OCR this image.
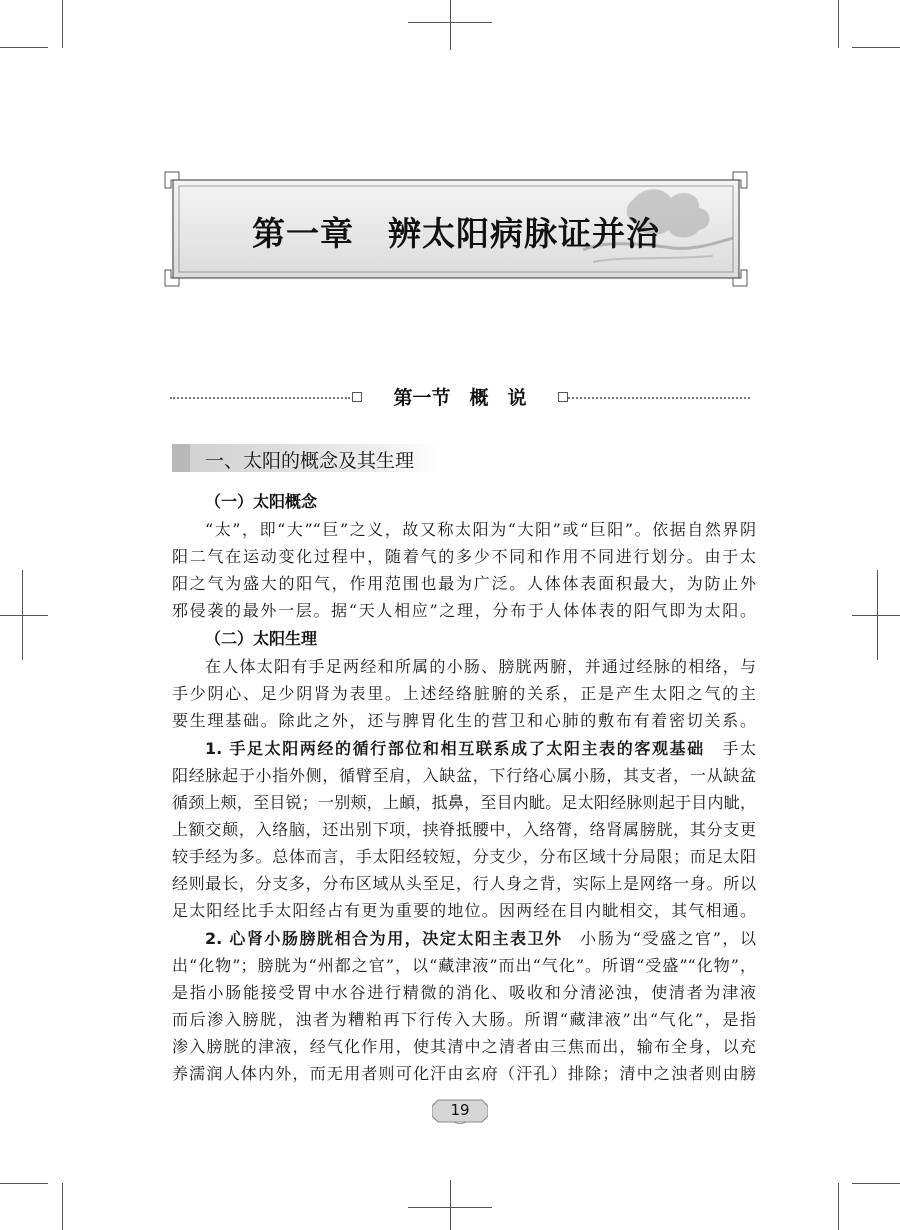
第一章　辨太阳病脉证并治
第一节　概　说
一、太阳的概念及其生理
（一）太阳概念
“太”，即“大”“巨”之义，故又称太阳为“大阳”或“巨阳”。依据自然界阴
阳二气在运动变化过程中，随着气的多少不同和作用不同进行划分。由于太
阳之气为盛大的阳气，作用范围也最为广泛。人体体表面积最大，为防止外
邪侵袭的最外一层。据“天人相应”之理，分布于人体体表的阳气即为太阳。
（二）太阳生理
在人体太阳有手足两经和所属的小肠、膀胱两腑，并通过经脉的相络，与
手少阴心、足少阴肾为表里。上述经络脏腑的关系，正是产生太阳之气的主
要生理基础。除此之外，还与脾胃化生的营卫和心肺的敷布有着密切关系。
1. 手足太阳两经的循行部位和相互联系成了太阳主表的客观基础　手太
阳经脉起于小指外侧，循臂至肩，入缺盆，下行络心属小肠，其支者，一从缺盆
循颈上颊，至目锐；一别颊，上頔，抵鼻，至目内眦。足太阳经脉则起于目内眦，
上额交颠，入络脑，还出别下项，挟脊抵腰中，入络膂，络肾属膀胱，其分支更
较手经为多。总体而言，手太阳经较短，分支少，分布区域十分局限；而足太阳
经则最长，分支多，分布区域从头至足，行人身之背，实际上是网络一身。所以
足太阳经比手太阳经占有更为重要的地位。因两经在目内眦相交，其气相通。
2. 心肾小肠膀胱相合为用，决定太阳主表卫外　小肠为“受盛之官”，以
出“化物”；膀胱为“州都之官”，以“藏津液”而出“气化”。所谓“受盛”“化物”，
是指小肠能接受胃中水谷进行精微的消化、吸收和分清泌浊，使清者为津液
而后渗入膀胱，浊者为糟粕再下行传入大肠。所谓“藏津液”出“气化”，是指
渗入膀胱的津液，经气化作用，使其清中之清者由三焦而出，输布全身，以充
养濡润人体内外，而无用者则可化汗由玄府（汗孔）排除；清中之浊者则由膀
19
